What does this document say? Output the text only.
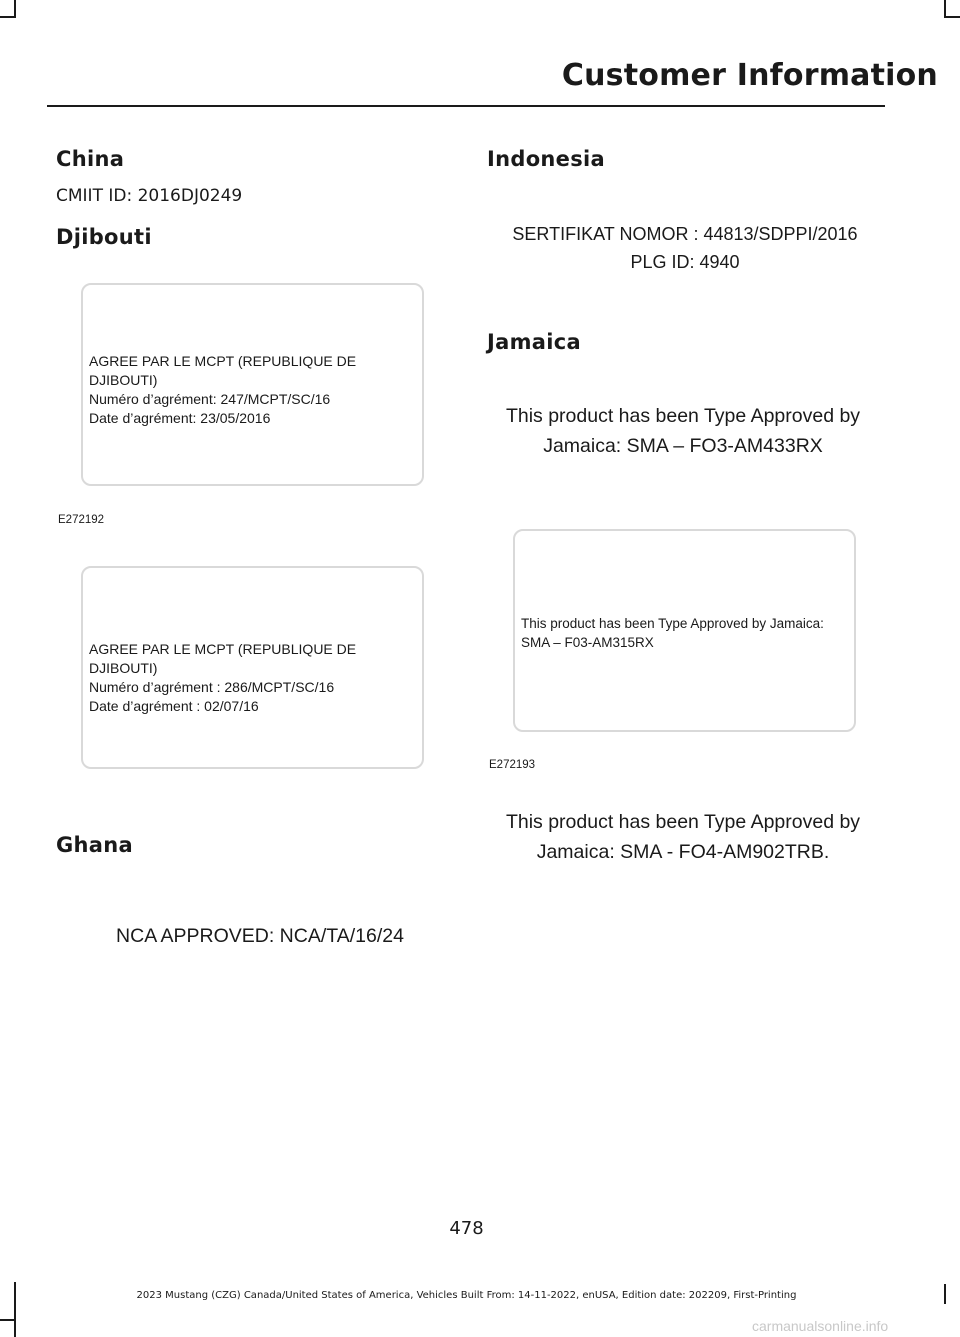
Customer Information
China

CMIIT ID: 2016DJ0249

Djibouti
AGREE PAR LE MCPT (REPUBLIQUE DE DJIBOUTI)
Numéro d’agrément: 247/MCPT/SC/16
Date d’agrément: 23/05/2016
E272192
AGREE PAR LE MCPT (REPUBLIQUE DE DJIBOUTI)
Numéro d’agrément : 286/MCPT/SC/16
Date d’agrément : 02/07/16
Ghana
NCA APPROVED: NCA/TA/16/24
Indonesia
SERTIFIKAT NOMOR : 44813/SDPPI/2016
PLG ID: 4940
Jamaica
This product has been Type Approved by
Jamaica: SMA – FO3-AM433RX
This product has been Type Approved by Jamaica:
SMA – F03-AM315RX
E272193
This product has been Type Approved by
Jamaica: SMA - FO4-AM902TRB.
478
2023 Mustang (CZG) Canada/United States of America, Vehicles Built From: 14-11-2022, enUSA, Edition date: 202209, First-Printing
carmanualsonline.info
